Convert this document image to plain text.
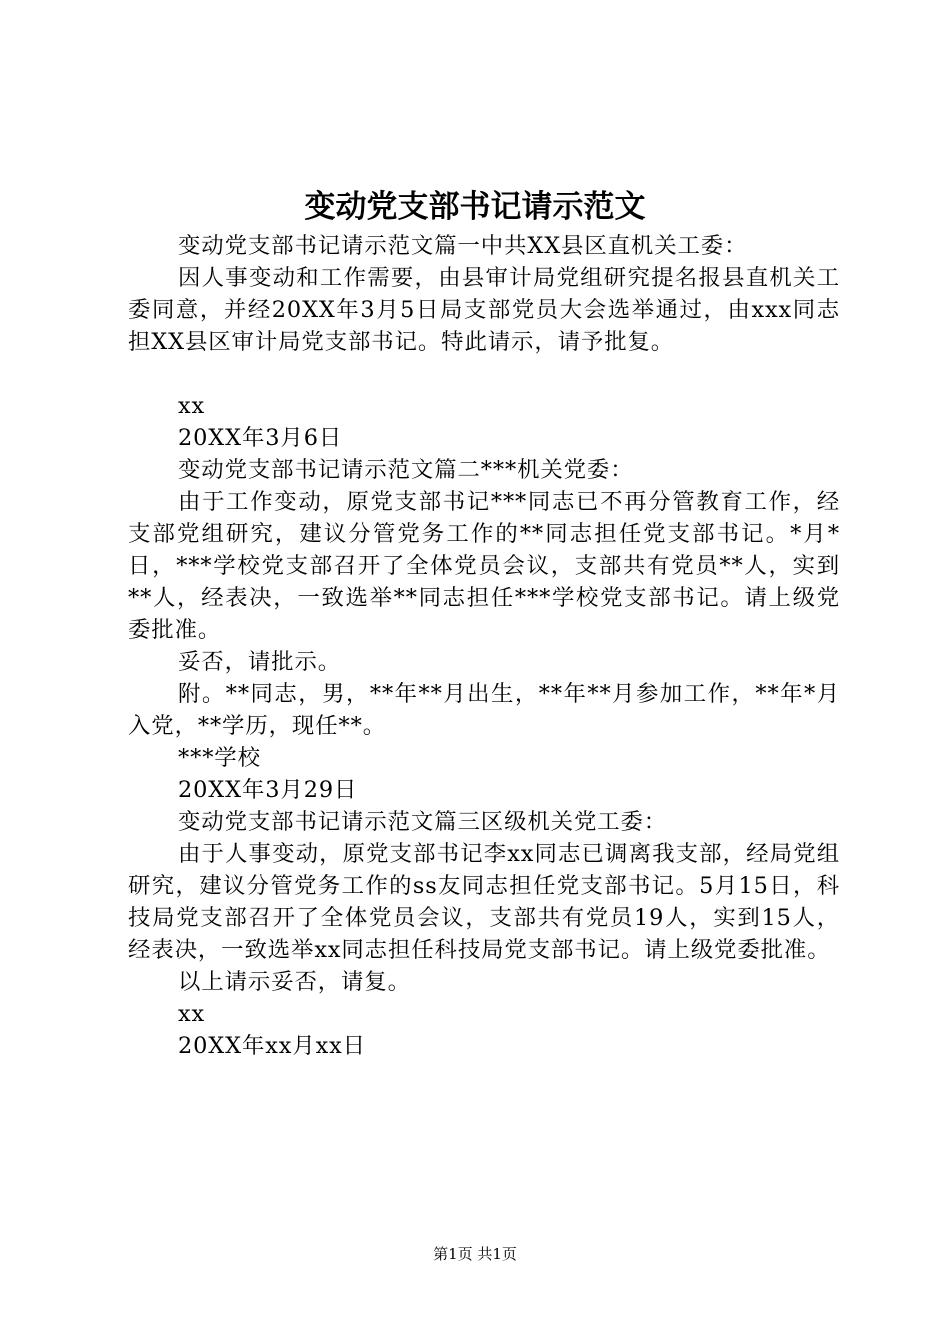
变动党支部书记请示范文

变动党支部书记请示范文篇一中共XX县区直机关工委：

因人事变动和工作需要，由县审计局党组研究提名报县直机关工委同意，并经20XX年3月5日局支部党员大会选举通过，由xxx同志担XX县区审计局党支部书记。特此请示，请予批复。

xx

20XX年3月6日

变动党支部书记请示范文篇二***机关党委：

由于工作变动，原党支部书记***同志已不再分管教育工作，经支部党组研究，建议分管党务工作的**同志担任党支部书记。*月*日，***学校党支部召开了全体党员会议，支部共有党员**人，实到**人，经表决，一致选举**同志担任***学校党支部书记。请上级党委批准。

妥否，请批示。

附。**同志，男，**年**月出生，**年**月参加工作，**年*月入党，**学历，现任**。

***学校

20XX年3月29日

变动党支部书记请示范文篇三区级机关党工委：

由于人事变动，原党支部书记李xx同志已调离我支部，经局党组研究，建议分管党务工作的ss友同志担任党支部书记。5月15日，科技局党支部召开了全体党员会议，支部共有党员19人，实到15人，经表决，一致选举xx同志担任科技局党支部书记。请上级党委批准。

以上请示妥否，请复。

xx

20XX年xx月xx日

第1页 共1页
